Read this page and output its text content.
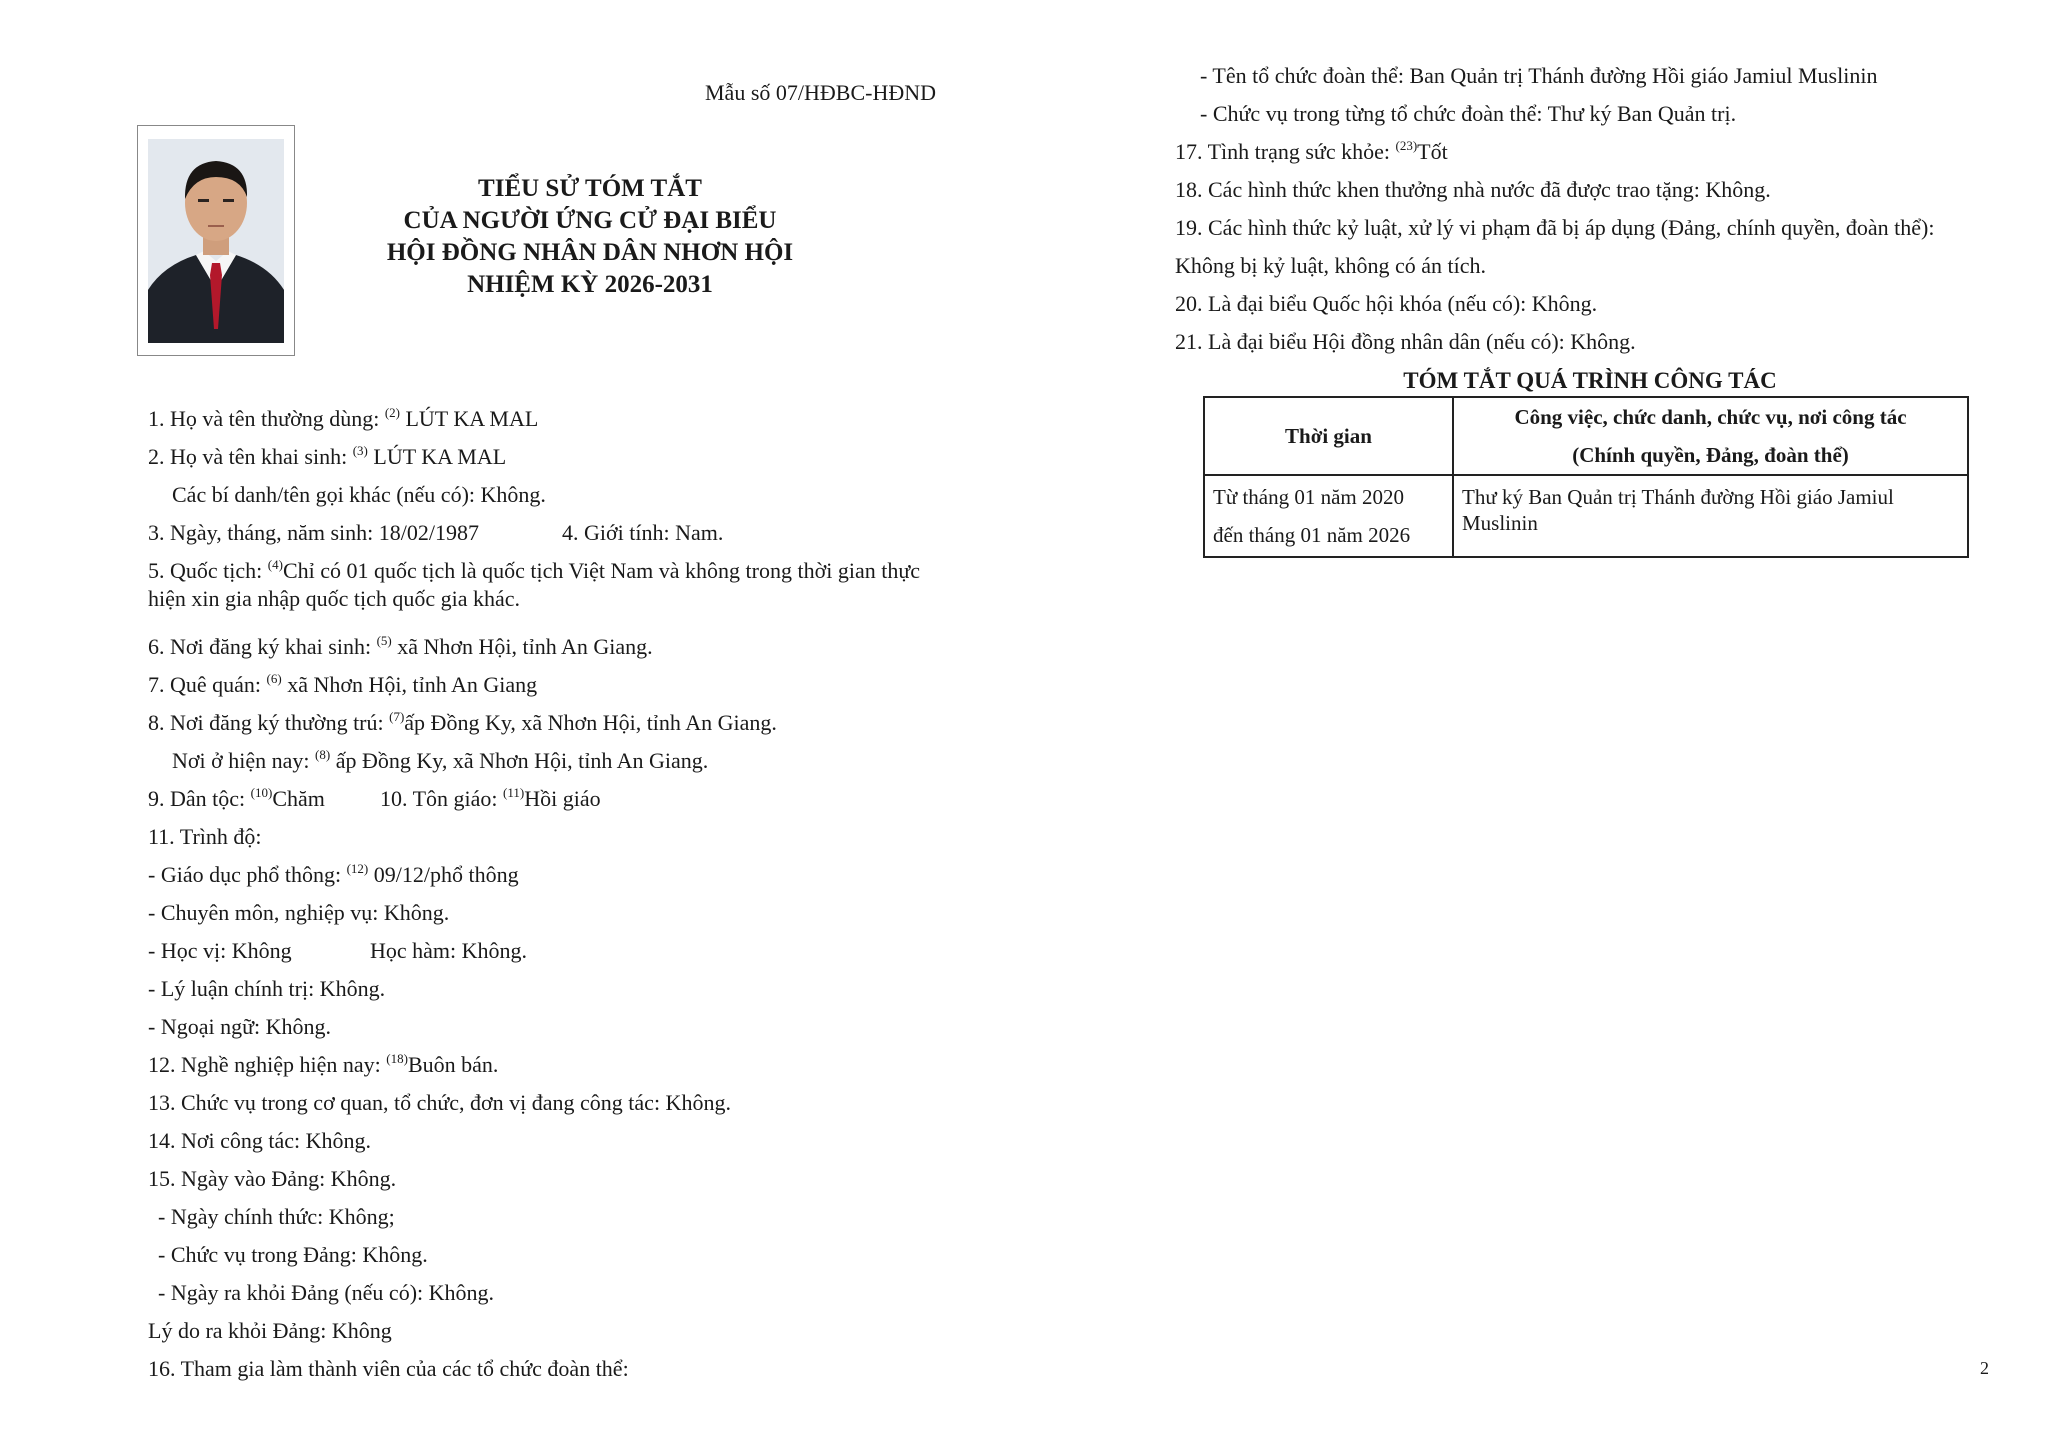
Mẫu số 07/HĐBC-HĐND
TIỂU SỬ TÓM TẮT
CỦA NGƯỜI ỨNG CỬ ĐẠI BIỂU
HỘI ĐỒNG NHÂN DÂN NHƠN HỘI
NHIỆM KỲ 2026-2031
1. Họ và tên thường dùng: $^{(2)}$ LÚT KA MAL
2. Họ và tên khai sinh: $^{(3)}$ LÚT KA MAL
Các bí danh/tên gọi khác (nếu có): Không.
3. Ngày, tháng, năm sinh: 18/02/1987	4. Giới tính: Nam.
5. Quốc tịch: $^{(4)}$Chỉ có 01 quốc tịch là quốc tịch Việt Nam và không trong thời gian thực hiện xin gia nhập quốc tịch quốc gia khác.
6. Nơi đăng ký khai sinh: $^{(5)}$ xã Nhơn Hội, tỉnh An Giang.
7. Quê quán: $^{(6)}$ xã Nhơn Hội, tỉnh An Giang
8. Nơi đăng ký thường trú: $^{(7)}$ấp Đồng Ky, xã Nhơn Hội, tỉnh An Giang.
Nơi ở hiện nay: $^{(8)}$ ấp Đồng Ky, xã Nhơn Hội, tỉnh An Giang.
9. Dân tộc: $^{(10)}$Chăm	10. Tôn giáo: $^{(11)}$Hồi giáo
11. Trình độ:
- Giáo dục phổ thông: $^{(12)}$ 09/12/phổ thông
- Chuyên môn, nghiệp vụ: Không.
- Học vị: Không	Học hàm: Không.
- Lý luận chính trị: Không.
- Ngoại ngữ: Không.
12. Nghề nghiệp hiện nay: $^{(18)}$Buôn bán.
13. Chức vụ trong cơ quan, tổ chức, đơn vị đang công tác: Không.
14. Nơi công tác: Không.
15. Ngày vào Đảng: Không.
- Ngày chính thức: Không;
- Chức vụ trong Đảng: Không.
- Ngày ra khỏi Đảng (nếu có): Không.
Lý do ra khỏi Đảng: Không
16. Tham gia làm thành viên của các tổ chức đoàn thể:
- Tên tổ chức đoàn thể: Ban Quản trị Thánh đường Hồi giáo Jamiul Muslinin
- Chức vụ trong từng tổ chức đoàn thể: Thư ký Ban Quản trị.
17. Tình trạng sức khỏe: $^{(23)}$Tốt
18. Các hình thức khen thưởng nhà nước đã được trao tặng: Không.
19. Các hình thức kỷ luật, xử lý vi phạm đã bị áp dụng (Đảng, chính quyền, đoàn thể):
Không bị kỷ luật, không có án tích.
20. Là đại biểu Quốc hội khóa (nếu có): Không.
21. Là đại biểu Hội đồng nhân dân (nếu có): Không.
TÓM TẮT QUÁ TRÌNH CÔNG TÁC
Thời gian	Công việc, chức danh, chức vụ, nơi công tác
(Chính quyền, Đảng, đoàn thể)

Từ tháng 01 năm 2020
đến tháng 01 năm 2026	Thư ký Ban Quản trị Thánh đường Hồi giáo Jamiul Muslinin
2
